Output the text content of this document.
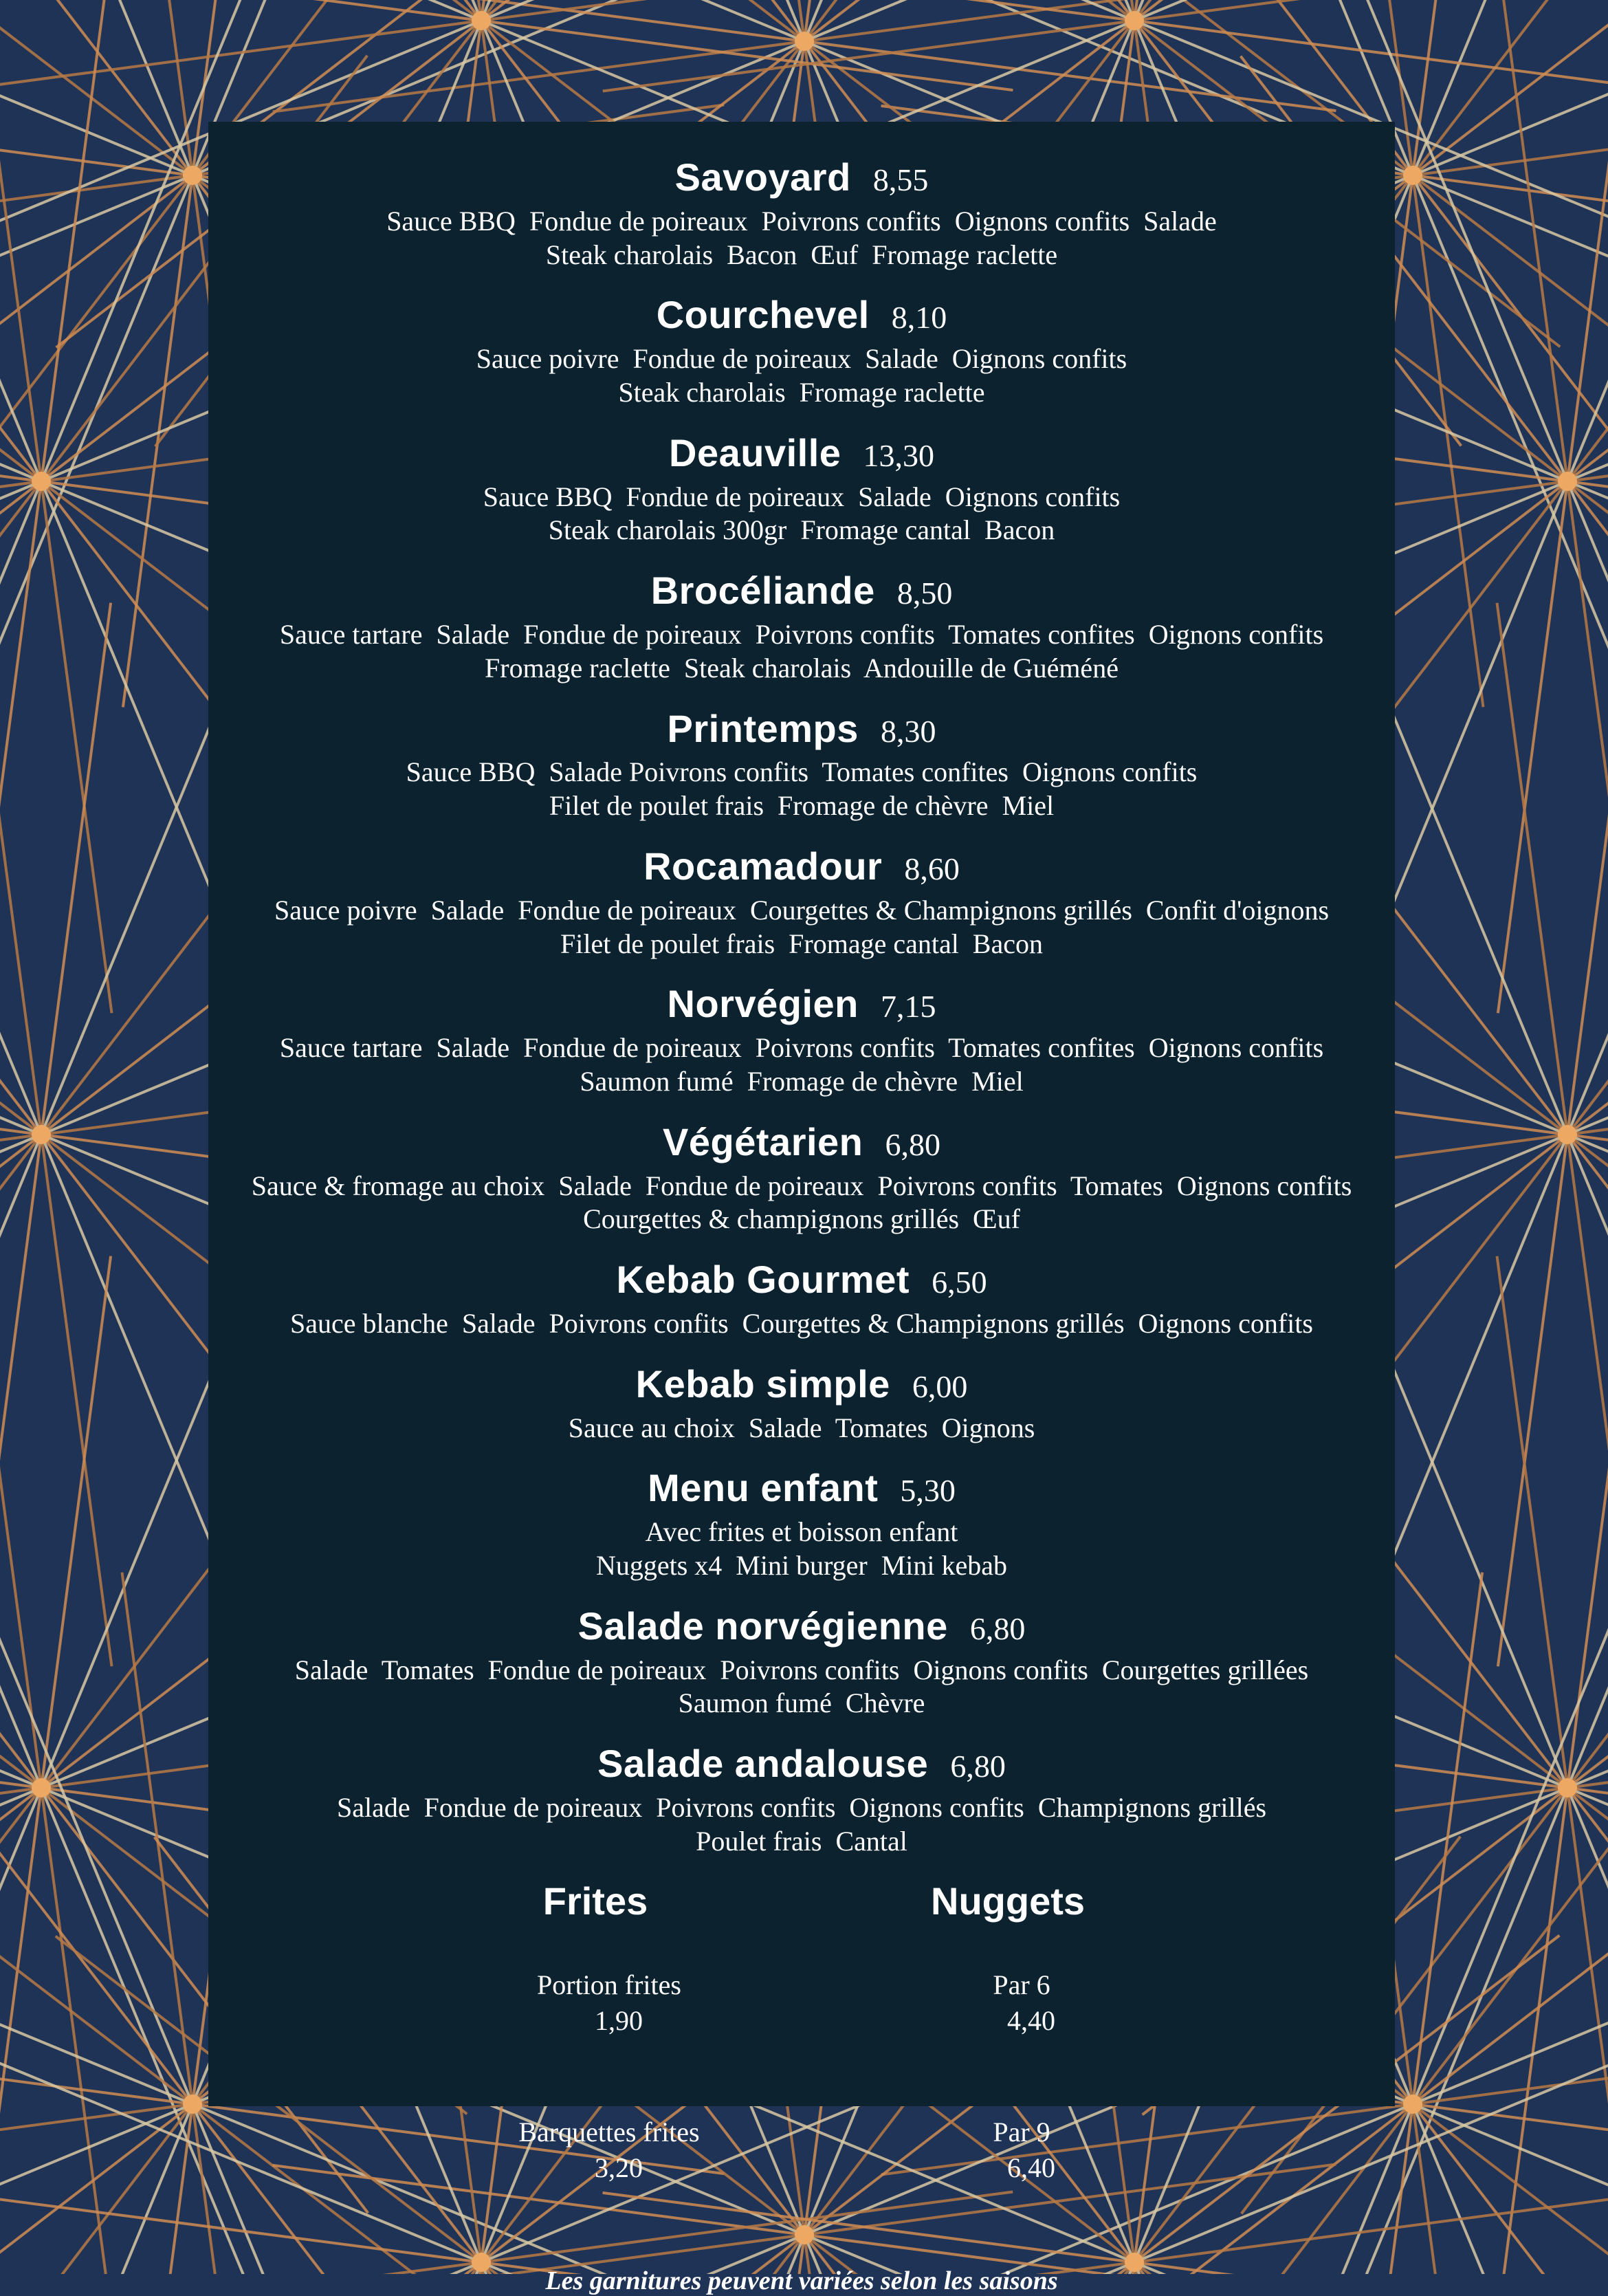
Savoyard 8,55

Sauce BBQ  Fondue de poireaux  Poivrons confits  Oignons confits  Salade

Steak charolais  Bacon  Œuf  Fromage raclette

Courchevel 8,10

Sauce poivre  Fondue de poireaux  Salade  Oignons confits

Steak charolais  Fromage raclette

Deauville 13,30

Sauce BBQ  Fondue de poireaux  Salade  Oignons confits

Steak charolais 300gr  Fromage cantal  Bacon

Brocéliande 8,50

Sauce tartare  Salade  Fondue de poireaux  Poivrons confits  Tomates confites  Oignons confits

Fromage raclette  Steak charolais  Andouille de Guéméné

Printemps 8,30

Sauce BBQ  Salade Poivrons confits  Tomates confites  Oignons confits

Filet de poulet frais  Fromage de chèvre  Miel

Rocamadour 8,60

Sauce poivre  Salade  Fondue de poireaux  Courgettes & Champignons grillés  Confit d'oignons

Filet de poulet frais  Fromage cantal  Bacon

Norvégien 7,15

Sauce tartare  Salade  Fondue de poireaux  Poivrons confits  Tomates confites  Oignons confits

Saumon fumé  Fromage de chèvre  Miel

Végétarien 6,80

Sauce & fromage au choix  Salade  Fondue de poireaux  Poivrons confits  Tomates  Oignons confits

Courgettes & champignons grillés  Œuf

Kebab Gourmet 6,50

Sauce blanche  Salade  Poivrons confits  Courgettes & Champignons grillés  Oignons confits

Kebab simple 6,00

Sauce au choix  Salade  Tomates  Oignons

Menu enfant 5,30

Avec frites et boisson enfant

Nuggets x4  Mini burger  Mini kebab

Salade norvégienne 6,80

Salade  Tomates  Fondue de poireaux  Poivrons confits  Oignons confits  Courgettes grillées

Saumon fumé  Chèvre

Salade andalouse 6,80

Salade  Fondue de poireaux  Poivrons confits  Oignons confits  Champignons grillés

Poulet frais  Cantal

Frites

Portion frites
1,90

Barquettes frites
3,20

Nuggets

Par 6
4,40

Par 9
6,40

Les garnitures peuvent variées selon les saisons
